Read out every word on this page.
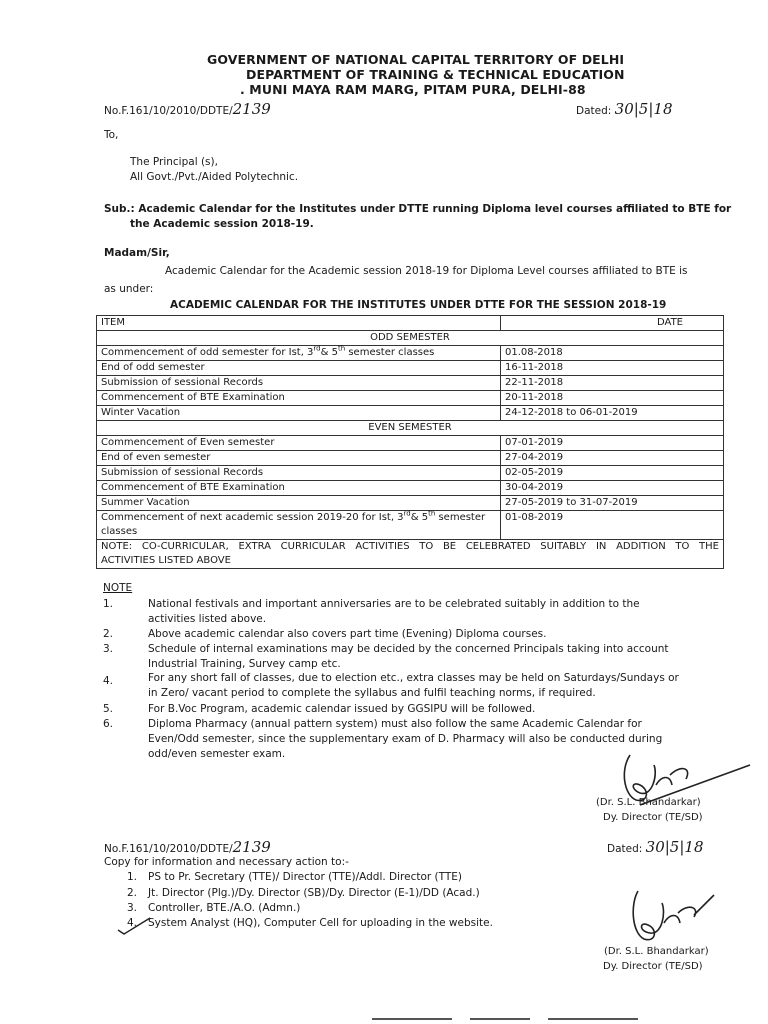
GOVERNMENT OF NATIONAL CAPITAL TERRITORY OF DELHI
DEPARTMENT OF TRAINING & TECHNICAL EDUCATION
. MUNI MAYA RAM MARG, PITAM PURA, DELHI-88
No.F.161/10/2010/DDTE/2139	Dated: 30|5|18
To,
The Principal (s),
All Govt./Pvt./Aided Polytechnic.
Sub.: Academic Calendar for the Institutes under DTTE running Diploma level courses affiliated to BTE for
the Academic session 2018-19.
Madam/Sir,
Academic Calendar for the Academic session 2018-19 for Diploma Level courses affiliated to BTE is
as under:
ACADEMIC CALENDAR FOR THE INSTITUTES UNDER DTTE FOR THE SESSION 2018-19
ITEM	DATE
ODD SEMESTER	
Commencement of odd semester for Ist, 3rd& 5th semester classes	01.08-2018
End of odd semester	16-11-2018
Submission of sessional Records	22-11-2018
Commencement of BTE Examination	20-11-2018
Winter Vacation	24-12-2018 to 06-01-2019
EVEN SEMESTER	
Commencement of Even semester	07-01-2019
End of even semester	27-04-2019
Submission of sessional Records	02-05-2019
Commencement of BTE Examination	30-04-2019
Summer Vacation	27-05-2019 to 31-07-2019
Commencement of next academic session 2019-20 for Ist, 3rd& 5th semester
classes	01-08-2019

NOTE: CO-CURRICULAR, EXTRA CURRICULAR ACTIVITIES TO BE CELEBRATED SUITABLY IN ADDITION TO THE
ACTIVITIES LISTED ABOVE	
NOTE
1.	National festivals and important anniversaries are to be celebrated suitably in addition to the
activities listed above.
2.	Above academic calendar also covers part time (Evening) Diploma courses.
3.	Schedule of internal examinations may be decided by the concerned Principals taking into account
Industrial Training, Survey camp etc.
4.	For any short fall of classes, due to election etc., extra classes may be held on Saturdays/Sundays or
in Zero/ vacant period to complete the syllabus and fulfil teaching norms, if required.
5.	For B.Voc Program, academic calendar issued by GGSIPU will be followed.
6.	Diploma Pharmacy (annual pattern system) must also follow the same Academic Calendar for
Even/Odd semester, since the supplementary exam of D. Pharmacy will also be conducted during
odd/even semester exam.
(Dr. S.L. Bhandarkar)
Dy. Director (TE/SD)
No.F.161/10/2010/DDTE/2139	Dated: 30|5|18
Copy for information and necessary action to:-
1. PS to Pr. Secretary (TTE)/ Director (TTE)/Addl. Director (TTE)
2. Jt. Director (Plg.)/Dy. Director (SB)/Dy. Director (E-1)/DD (Acad.)
3. Controller, BTE./A.O. (Admn.)
4. System Analyst (HQ), Computer Cell for uploading in the website.
(Dr. S.L. Bhandarkar)
Dy. Director (TE/SD)
